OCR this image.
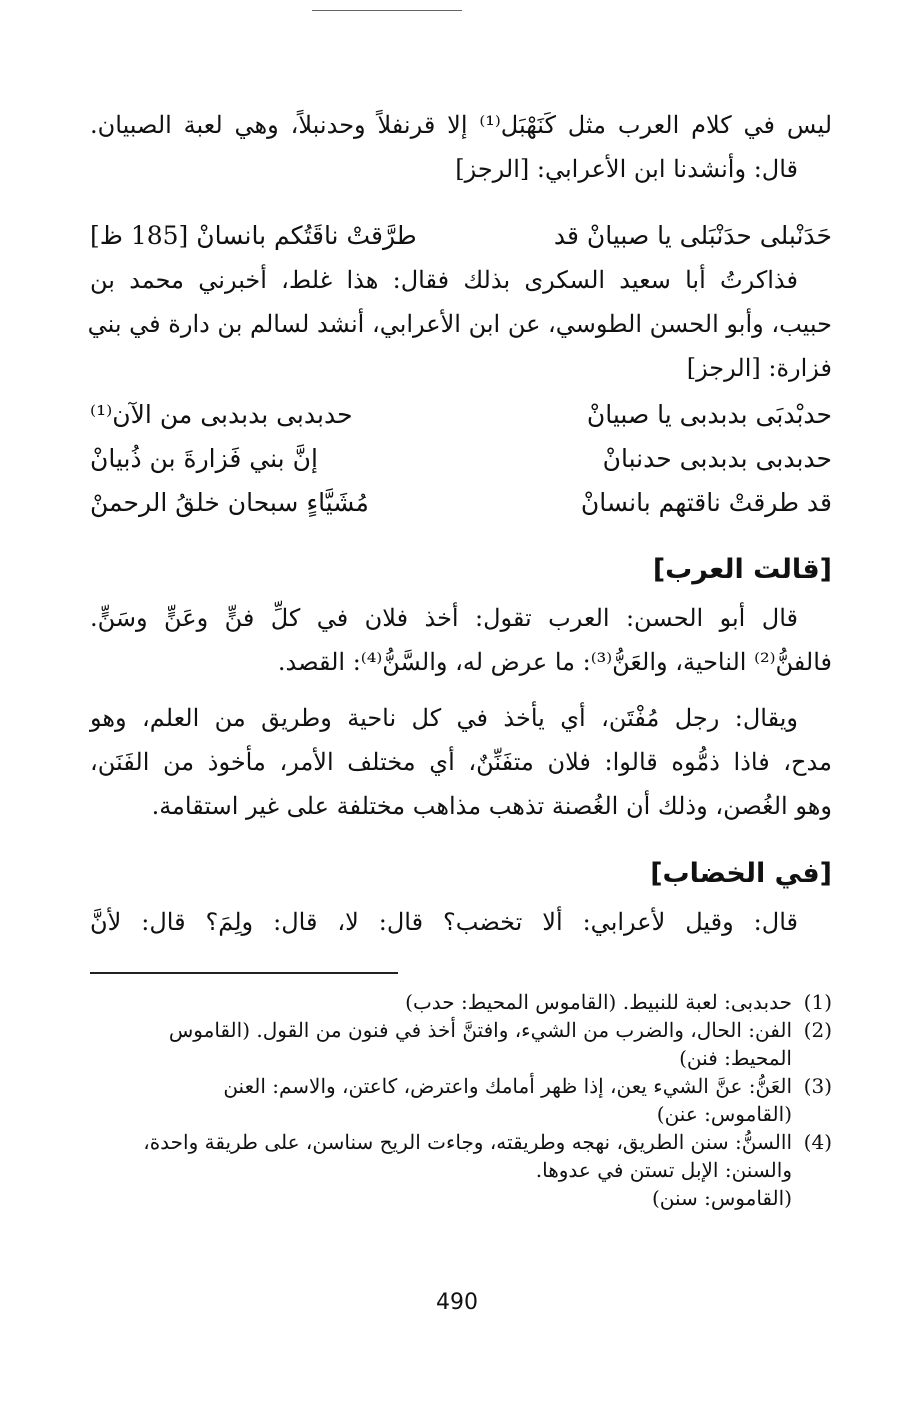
ليس في كلام العرب مثل كَنَهْبَل⁽¹⁾ إلا قرنفلاً وحدنبلاً، وهي لعبة الصبيان.
قال: وأنشدنا ابن الأعرابي: [الرجز]
حَدَنْبلى حدَنْبَلى يا صبيانْ قد
طرَّقتْ ناقَتُكم بانسانْ [185 ظ]
فذاكرتُ أبا سعيد السكرى بذلك فقال: هذا غلط، أخبرني محمد بن
حبيب، وأبو الحسن الطوسي، عن ابن الأعرابي، أنشد لسالم بن دارة في بني
فزارة: [الرجز]
حدبْدبَى بدبدبى يا صبيانْ
حدبدبى بدبدبى من الآن⁽¹⁾
حدبدبى بدبدبى حدنبانْ
إنَّ بني فَزارةَ بن ذُبيانْ
قد طرقتْ ناقتهم بانسانْ
مُشَيَّاءٍ سبحان خلقُ الرحمنْ
[قالت العرب]
قال أبو الحسن: العرب تقول: أخذ فلان في كلِّ فنٍّ وعَنٍّ وسَنٍّ.
فالفنُّ⁽²⁾ الناحية، والعَنُّ⁽³⁾: ما عرض له، والسَّنُّ⁽⁴⁾: القصد.
ويقال: رجل مُفْتَن، أي يأخذ في كل ناحية وطريق من العلم، وهو
مدح، فاذا ذمُّوه قالوا: فلان متفَنِّنٌ، أي مختلف الأمر، مأخوذ من الفَنَن،
وهو الغُصن، وذلك أن الغُصنة تذهب مذاهب مختلفة على غير استقامة.
[في الخضاب]
قال: وقيل لأعرابي: ألا تخضب؟ قال: لا، قال: ولِمَ؟ قال: لأنَّ
(1)حدبدبى: لعبة للنبيط. (القاموس المحيط: حدب)
(2)الفن: الحال، والضرب من الشيء، وافتنَّ أخذ في فنون من القول. (القاموس
المحيط: فنن)
(3)العَنُّ: عنَّ الشيء يعن، إذا ظهر أمامك واعترض، كاعتن، والاسم: العنن
(القاموس: عنن)
(4)االسنُّ: سنن الطريق، نهجه وطريقته، وجاءت الريح سناسن، على طريقة واحدة،
والسنن: الإبل تستن في عدوها.
(القاموس: سنن)
490
